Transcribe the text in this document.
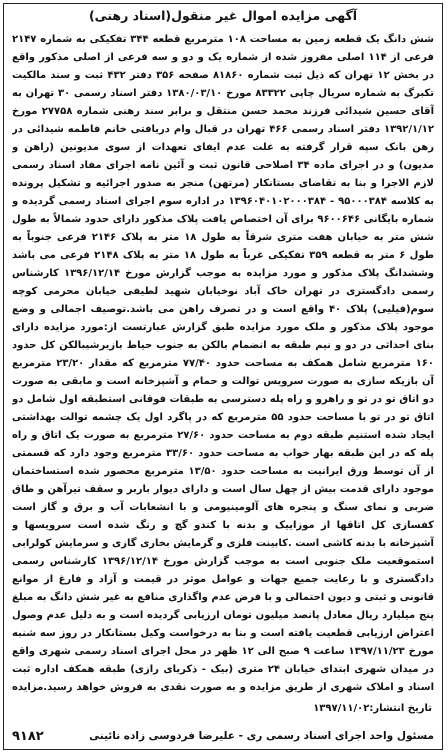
آگهی مزایده اموال غیر منقول(اسناد رهنی)
شش دانگ یک قطعه زمین به مساحت ۱۰۸ مترمربع قطعه ۳۴۴ تفکیکی به شماره ۲۱۴۷ فرعی از ۱۱۴ اصلی مفروز شده از شماره یک و دو و سه فرعی از اصلی مذکور واقع در بخش ۱۲ تهران که ذیل ثبت شماره ۸۱۸۶۰ صفحه ۳۵۶ دفتر ۴۳۲ ثبت و سند مالکیت تکبرگ به شماره سریال چاپی ۸۳۳۲۲ مورخ ۱۳۸۰/۰۳/۱۰ دفتر اسناد رسمی ۳۰ تهران به آقای حسین شیدائی فرزند محمد حسن منتقل و برابر سند رهنی شماره ۲۷۷۵۸ مورخ ۱۳۹۲/۱/۱۲ دفتر اسناد رسمی ۴۶۶ تهران در قبال وام دریافتی خانم فاطمه شیدائی در رهن بانک سپه قرار گرفته به علت عدم ایفای تعهدات از سوی مدیونین (راهن و مدیون) و در اجرای ماده ۳۴ اصلاحی قانون ثبت و آئین نامه اجرای مفاد اسناد رسمی لازم الاجرا و بنا به تقاضای بستانکار (مرتهن) منجر به صدور اجرائیه و تشکیل پرونده به کلاسه ۹۵۰۰۰۳۸۴ - ۱۳۹۶۰۴۰۱۰۲۰۰۰۳۸۴ در اداره سوم اجرای اسناد رسمی گردیده و شماره بایگانی ۹۶۰۰۶۴۶ برای آن اختصاص یافت پلاک مذکور دارای حدود شمالاً به طول شش متر به خیابان هفت متری شرقاً به طول ۱۸ متر به پلاک ۲۱۴۶ فرعی جنوباً به طول ۶ متر به قطعه ۳۵۹ تفکیکی غرباً به طول ۱۸ متر به پلاک ۲۱۴۸ فرعی می باشد وششدانگ پلاک مذکور و مورد مزایده به موجب گزارش مورخ ۱۳۹۶/۱۲/۱۴ کارشناس رسمی دادگستری در تهران خاک آباد نوخیابان شهید لطیفی خیابان محرمی کوچه سوم(فیلیی) پلاک ۴۰ واقع است و در تصرف راهن می باشد.توصیف اجمالی و وضع موجود پلاک مذکور و ملک مورد مزایده طبق گزارش عبارتست از:مورد مزایده دارای بنای احداثی در دو و نیم طبقه به انضمام بالکن به جنوب حیاط بازیرشیبالکن کل حدود ۱۶۰ مترمربع شامل همکف به مساحت حدود ۷۷/۴۰ مترمربع که مقدار ۲۳/۲۰ مترمربع آن بازیکه سازی به صورت سرویس توالت و حمام و آشپزخانه است و مابقی به صورت دو اتاق تو در تو و راهرو و راه پله دسترسی به طبقات فوقانی استطبقه اول شامل دو اتاق تو در تو با مساحت حدود ۵۵ مترمربع که در پاگرد اول یک چشمه توالت بهداشتی ایجاد شده استنیم طبقه دوم به مساحت حدود ۲۷/۶۰ مترمربع به صورت یک اتاق و راه پله که در این طبقه بهار خواب به مساحت حدود ۳۳/۶۰ مترمربع وجود دارد که قسمتی از آن توسط ورق ایرانیت به مساحت حدود ۱۳/۵۰ مترمربع محصور شده استساختمان موجود دارای قدمت بیش از چهل سال است و دارای دیوار باربر و سقف تیرآهن و طاق ضربی و نمای سنگ و پنجره های آلومینیومی و با انشعابات آب و برق و گاز است کفسازی کل اتاقها از موزاییک و بدنه با کندو گچ و رنگ شده است سرویسها و آشپزخانه با بدنه کاشی است .کابینت فلزی و گرمایش بخاری گازی و سرمایش کولرابی استموقعیت ملک جنوبی است به موجب گزارش مورخ ۱۳۹۶/۱۲/۱۴ کارشناس رسمی دادگستری و با رعایت جمیع جهات و عوامل موثر در قیمت و آزاد و فارغ از موانع قانونی و ثبتی و دیون احتمالی و با فرض عدم واگذاری منافع به غیر شش دانگ به مبلغ پنج میلیارد ریال معادل پانصد میلیون تومان ارزیابی گردیده است و به دلیل عدم وصول اعتراض ارزیابی قطعیت یافته است و بنا به درخواست وکیل بستانکار در روز سه شنبه مورخ ۱۳۹۷/۱۱/۲۳ ساعت ۹ صبح الی ۱۲ ظهر در محل اجرای اسناد رسمی شهری واقع در میدان شهری ابتدای خیابان ۲۴ متری (بیک - ذکریای رازی) طبقه همکف اداره ثبت اسناد و املاک شهری از طریق مزایده و به صورت نقدی به فروش خواهد رسید.مزایده
تاریخ انتشار:۱۳۹۷/۱۱/۰۲
مسئول واحد اجرای اسناد رسمی ری - علیرضا فردوسی زاده نائینی
۹۱۸۲
